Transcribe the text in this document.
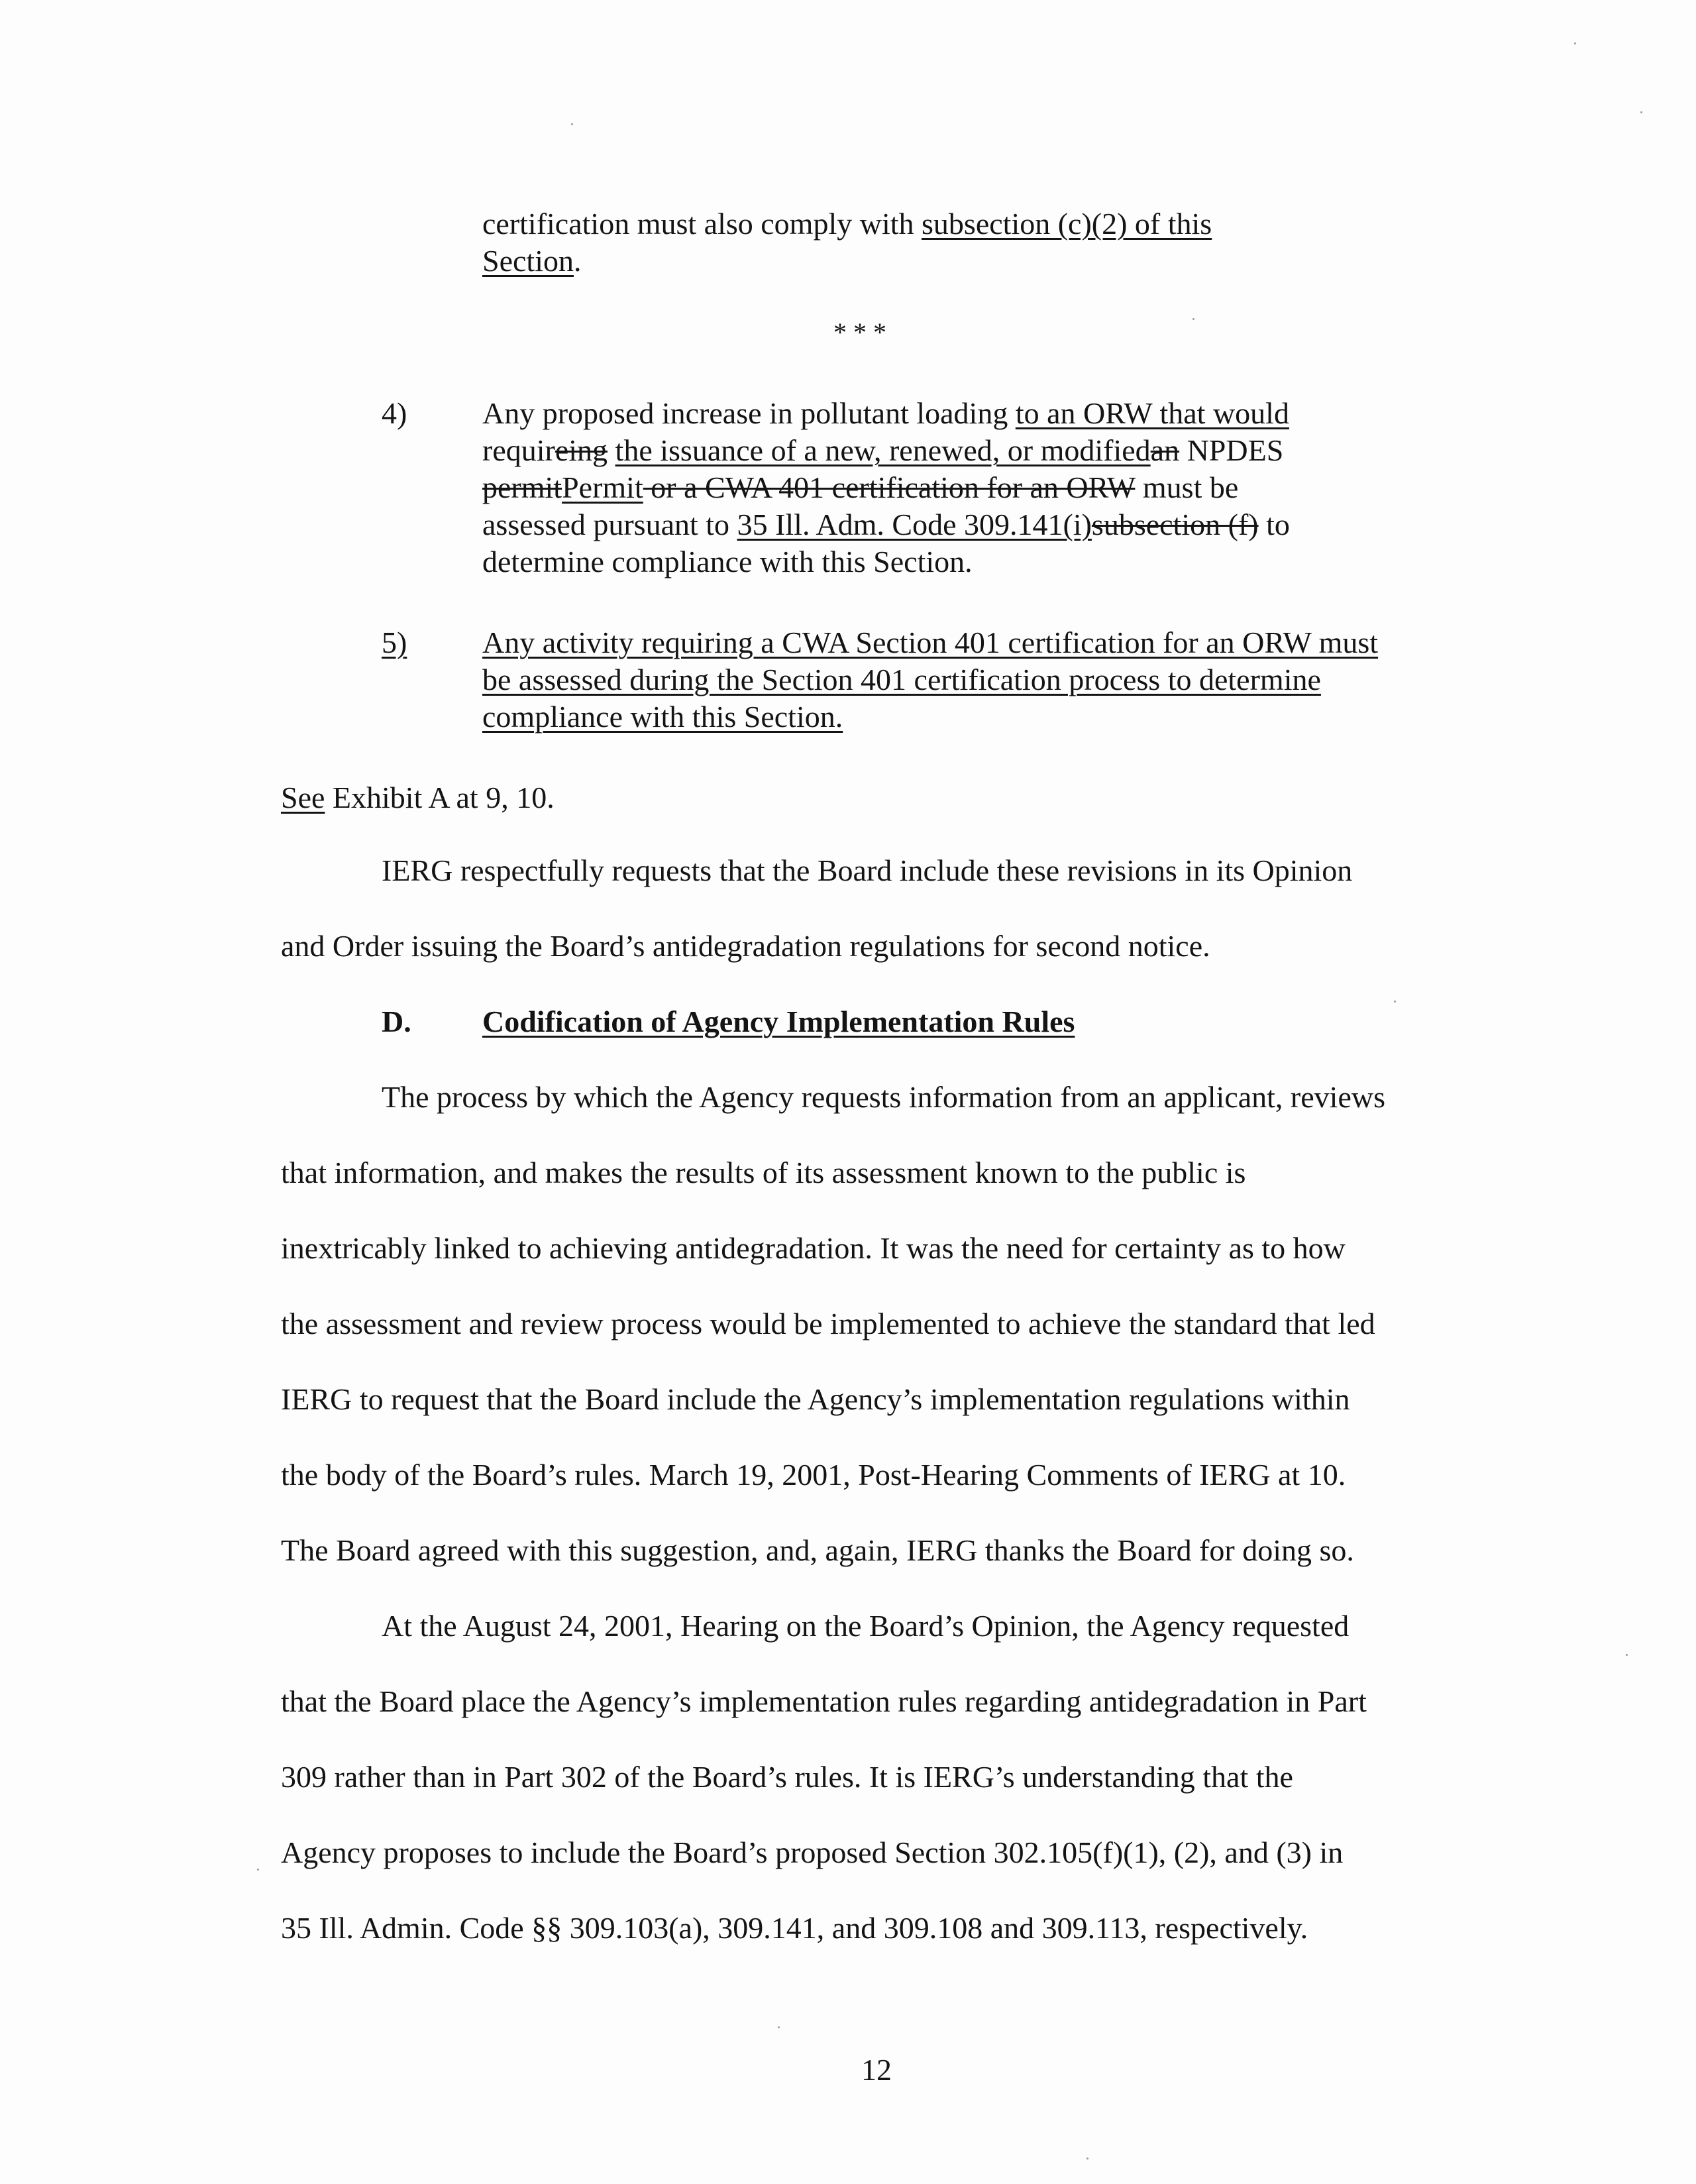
certification must also comply with subsection (c)(2) of this
Section.
* * *
4) Any proposed increase in pollutant loading to an ORW that would
requireing the issuance of a new, renewed, or modifiedan NPDES
permitPermit or a CWA 401 certification for an ORW must be
assessed pursuant to 35 Ill. Adm. Code 309.141(i)subsection (f) to
determine compliance with this Section.
5) Any activity requiring a CWA Section 401 certification for an ORW must
be assessed during the Section 401 certification process to determine
compliance with this Section.
See Exhibit A at 9, 10.
IERG respectfully requests that the Board include these revisions in its Opinion
and Order issuing the Board’s antidegradation regulations for second notice.
D. Codification of Agency Implementation Rules
The process by which the Agency requests information from an applicant, reviews
that information, and makes the results of its assessment known to the public is
inextricably linked to achieving antidegradation. It was the need for certainty as to how
the assessment and review process would be implemented to achieve the standard that led
IERG to request that the Board include the Agency’s implementation regulations within
the body of the Board’s rules. March 19, 2001, Post-Hearing Comments of IERG at 10.
The Board agreed with this suggestion, and, again, IERG thanks the Board for doing so.
At the August 24, 2001, Hearing on the Board’s Opinion, the Agency requested
that the Board place the Agency’s implementation rules regarding antidegradation in Part
309 rather than in Part 302 of the Board’s rules. It is IERG’s understanding that the
Agency proposes to include the Board’s proposed Section 302.105(f)(1), (2), and (3) in
35 Ill. Admin. Code §§ 309.103(a), 309.141, and 309.108 and 309.113, respectively.
12
